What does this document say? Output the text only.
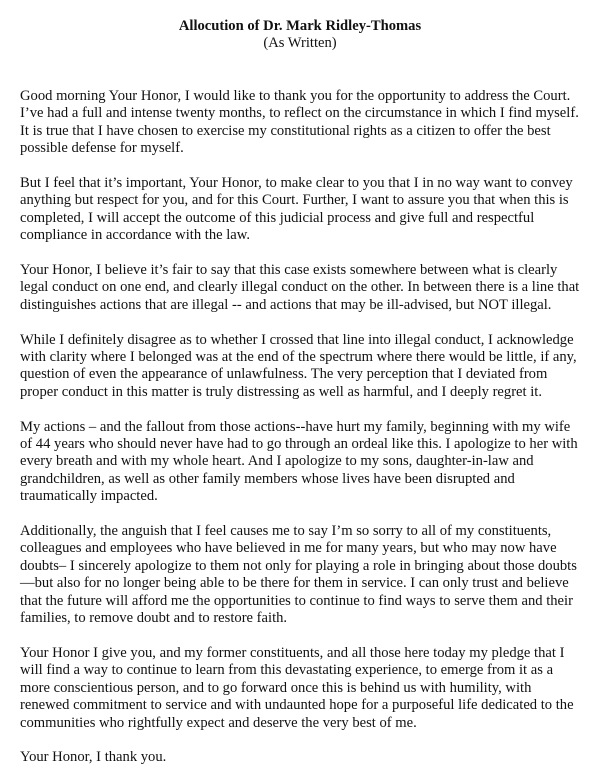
Allocution of Dr. Mark Ridley-Thomas

(As Written)

Good morning Your Honor, I would like to thank you for the opportunity to address the Court. I’ve had a full and intense twenty months, to reflect on the circumstance in which I find myself. It is true that I have chosen to exercise my constitutional rights as a citizen to offer the best possible defense for myself.

But I feel that it’s important, Your Honor, to make clear to you that I in no way want to convey anything but respect for you, and for this Court. Further, I want to assure you that when this is completed, I will accept the outcome of this judicial process and give full and respectful compliance in accordance with the law.

Your Honor, I believe it’s fair to say that this case exists somewhere between what is clearly legal conduct on one end, and clearly illegal conduct on the other. In between there is a line that distinguishes actions that are illegal -- and actions that may be ill-advised, but NOT illegal.

While I definitely disagree as to whether I crossed that line into illegal conduct, I acknowledge with clarity where I belonged was at the end of the spectrum where there would be little, if any, question of even the appearance of unlawfulness. The very perception that I deviated from proper conduct in this matter is truly distressing as well as harmful, and I deeply regret it.

My actions – and the fallout from those actions--have hurt my family, beginning with my wife of 44 years who should never have had to go through an ordeal like this. I apologize to her with every breath and with my whole heart. And I apologize to my sons, daughter-in-law and grandchildren, as well as other family members whose lives have been disrupted and traumatically impacted.

Additionally, the anguish that I feel causes me to say I’m so sorry to all of my constituents, colleagues and employees who have believed in me for many years, but who may now have doubts– I sincerely apologize to them not only for playing a role in bringing about those doubts—but also for no longer being able to be there for them in service. I can only trust and believe that the future will afford me the opportunities to continue to find ways to serve them and their families, to remove doubt and to restore faith.

Your Honor I give you, and my former constituents, and all those here today my pledge that I will find a way to continue to learn from this devastating experience, to emerge from it as a more conscientious person, and to go forward once this is behind us with humility, with renewed commitment to service and with undaunted hope for a purposeful life dedicated to the communities who rightfully expect and deserve the very best of me.

Your Honor, I thank you.
